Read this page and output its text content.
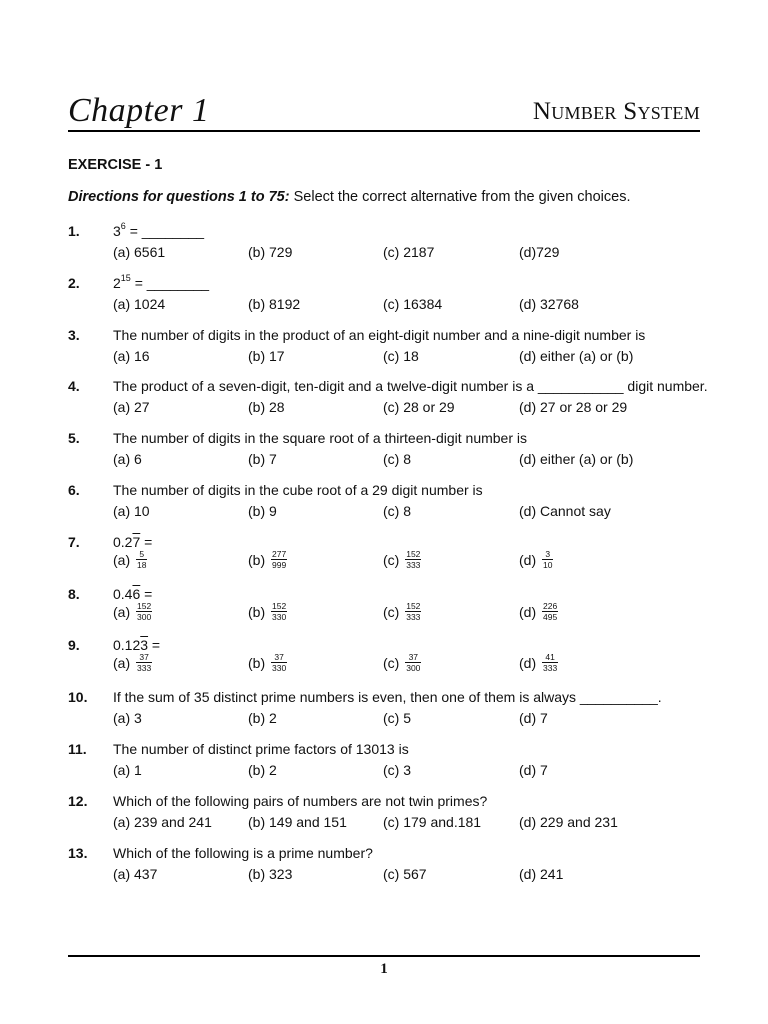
Chapter 1	Number System
EXERCISE - 1
Directions for questions 1 to 75: Select the correct alternative from the given choices.
1. $3^6$ = ________
(a) 6561	(b) 729	(c) 2187	(d)729
2. $2^{15}$ = ________
(a) 1024	(b) 8192	(c) 16384	(d) 32768
3. The number of digits in the product of an eight-digit number and a nine-digit number is
(a) 16	(b) 17	(c) 18	(d) either (a) or (b)
4. The product of a seven-digit, ten-digit and a twelve-digit number is a ___________ digit number.
(a) 27	(b) 28	(c) 28 or 29	(d) 27 or 28 or 29
5. The number of digits in the square root of a thirteen-digit number is
(a) 6	(b) 7	(c) 8	(d) either (a) or (b)
6. The number of digits in the cube root of a 29 digit number is
(a) 10	(b) 9	(c) 8	(d) Cannot say
7. 0.27 =
$(a) \frac{5}{18}$	$(b) \frac{277}{999}$	$(c) \frac{152}{333}$	$(d) \frac{3}{10}$
8. 0.46 =
$(a) \frac{152}{300}$	$(b) \frac{152}{330}$	$(c) \frac{152}{333}$	$(d) \frac{226}{495}$
9. 0.123 =
$(a) \frac{37}{333}$	$(b) \frac{37}{330}$	$(c) \frac{37}{300}$	$(d) \frac{41}{333}$
10. If the sum of 35 distinct prime numbers is even, then one of them is always __________.
(a) 3	(b) 2	(c) 5	(d) 7
11. The number of distinct prime factors of 13013 is
(a) 1	(b) 2	(c) 3	(d) 7
12. Which of the following pairs of numbers are not twin primes?
(a) 239 and 241	(b) 149 and 151	(c) 179 and.181	(d) 229 and 231
13. Which of the following is a prime number?
(a) 437	(b) 323	(c) 567	(d) 241
1
